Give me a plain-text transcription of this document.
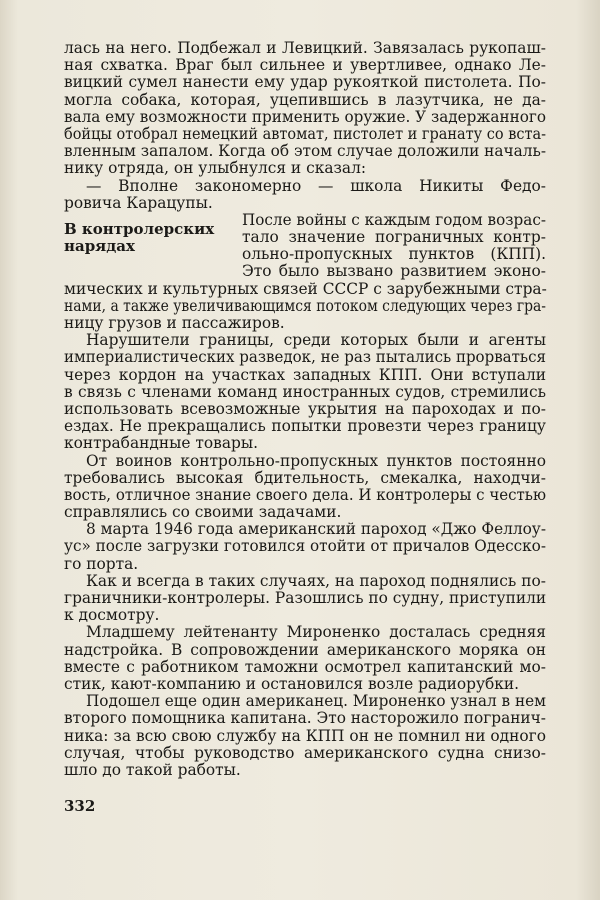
лась на него. Подбежал и Левицкий. Завязалась рукопаш-
ная схватка. Враг был сильнее и увертливее, однако Ле-
вицкий сумел нанести ему удар рукояткой пистолета. По-
могла собака, которая, уцепившись в лазутчика, не да-
вала ему возможности применить оружие. У задержанного
бойцы отобрал немецкий автомат, пистолет и гранату со вста-
вленным запалом. Когда об этом случае доложили началь-
нику отряда, он улыбнулся и сказал:
— Вполне закономерно — школа Никиты Федо-
ровича Карацупы.
В контролерских нарядах
После войны с каждым годом возрас-
тало значение пограничных контр-
ольно-пропускных пунктов (КПП).
Это было вызвано развитием эконо-
мических и культурных связей СССР с зарубежными стра-
нами, а также увеличивающимся потоком следующих через гра-
ницу грузов и пассажиров.
Нарушители границы, среди которых были и агенты
империалистических разведок, не раз пытались прорваться
через кордон на участках западных КПП. Они вступали
в связь с членами команд иностранных судов, стремились
использовать всевозможные укрытия на пароходах и по-
ездах. Не прекращались попытки провезти через границу
контрабандные товары.
От воинов контрольно-пропускных пунктов постоянно
требовались высокая бдительность, смекалка, находчи-
вость, отличное знание своего дела. И контролеры с честью
справлялись со своими задачами.
8 марта 1946 года американский пароход «Джо Феллоу-
ус» после загрузки готовился отойти от причалов Одесско-
го порта.
Как и всегда в таких случаях, на пароход поднялись по-
граничники-контролеры. Разошлись по судну, приступили
к досмотру.
Младшему лейтенанту Мироненко досталась средняя
надстройка. В сопровождении американского моряка он
вместе с работником таможни осмотрел капитанский мо-
стик, кают-компанию и остановился возле радиорубки.
Подошел еще один американец. Мироненко узнал в нем
второго помощника капитана. Это насторожило погранич-
ника: за всю свою службу на КПП он не помнил ни одного
случая, чтобы руководство американского судна снизо-
шло до такой работы.
332
